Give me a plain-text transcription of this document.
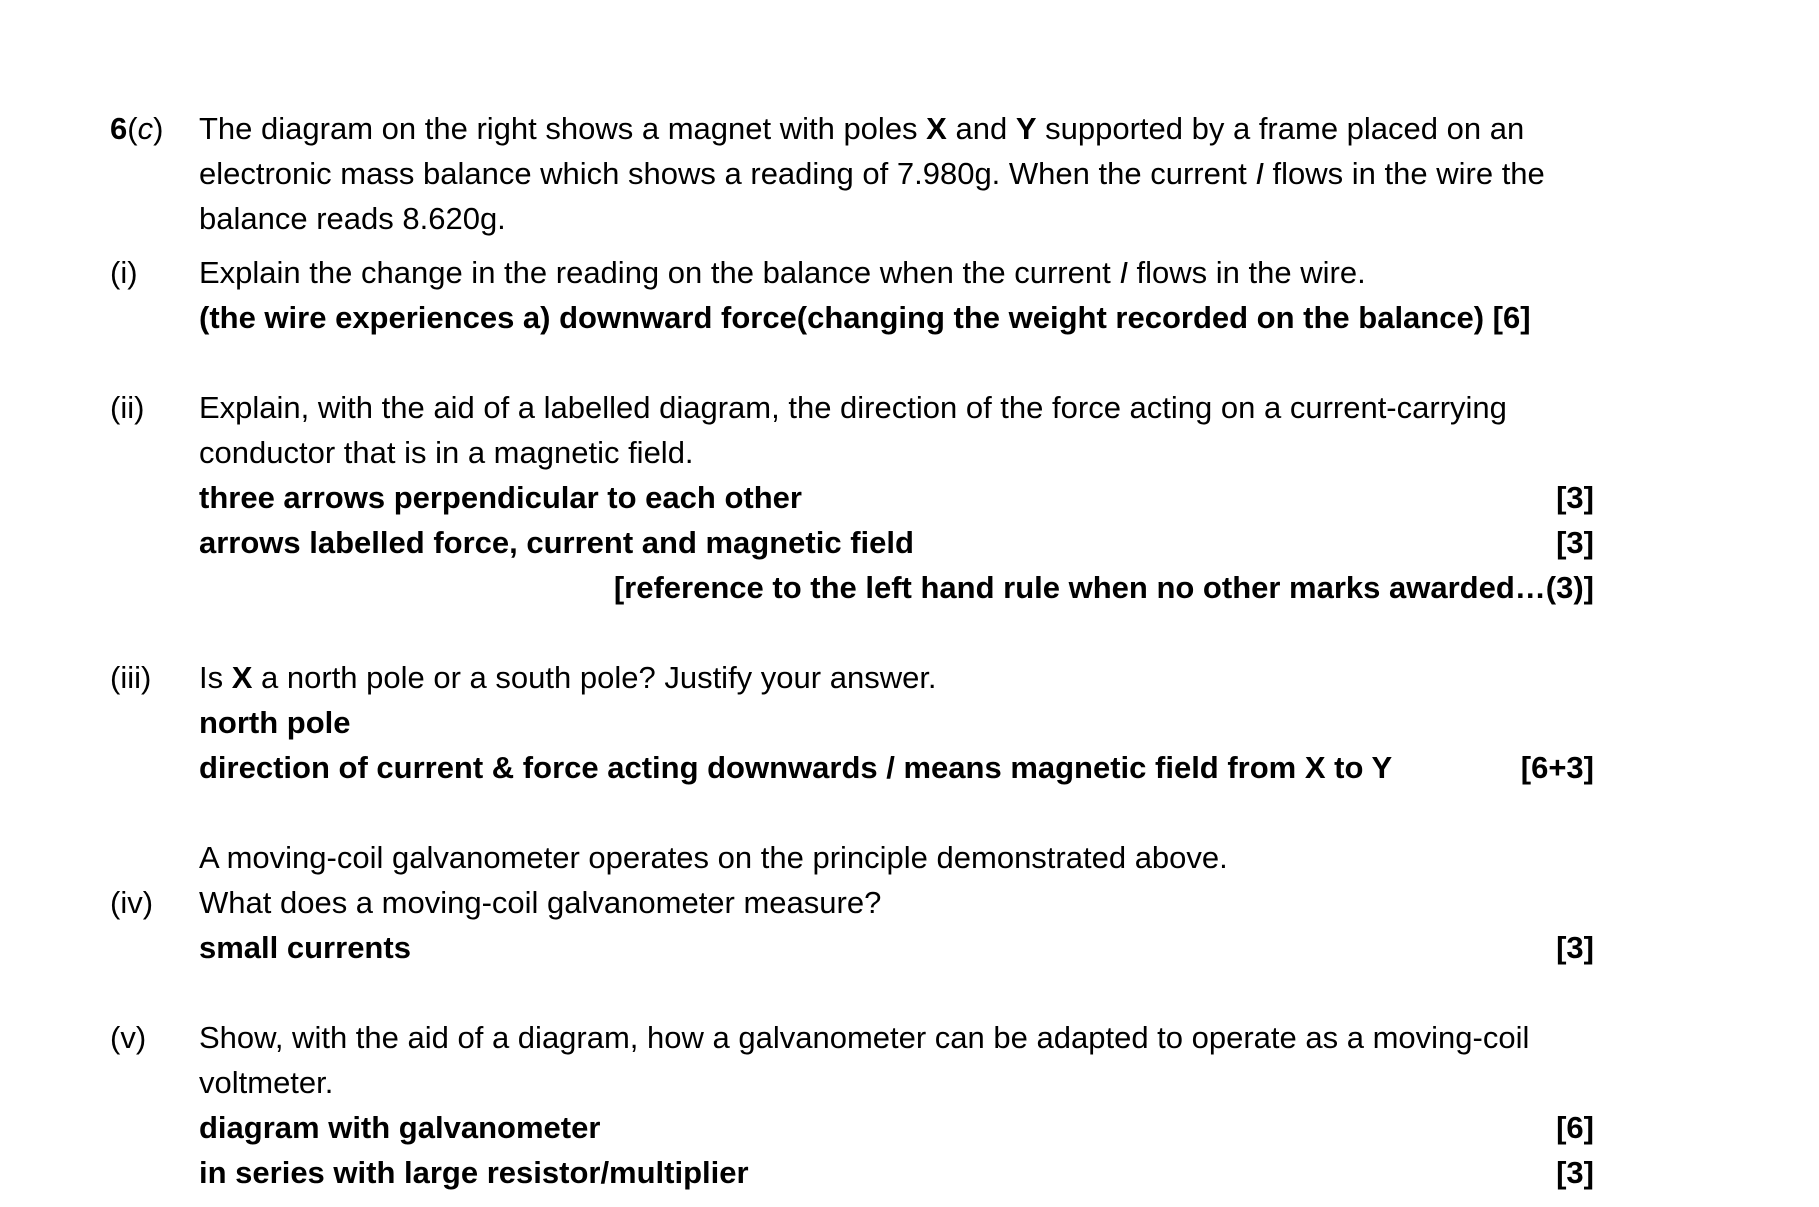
6(c) The diagram on the right shows a magnet with poles X and Y supported by a frame placed on an
electronic mass balance which shows a reading of 7.980g. When the current I flows in the wire the
balance reads 8.620g.
(i) Explain the change in the reading on the balance when the current I flows in the wire.
(the wire experiences a) downward force(changing the weight recorded on the balance) [6]
(ii) Explain, with the aid of a labelled diagram, the direction of the force acting on a current-carrying
conductor that is in a magnetic field.
three arrows perpendicular to each other	[3]
arrows labelled force, current and magnetic field	[3]
[reference to the left hand rule when no other marks awarded…(3)]
(iii) Is X a north pole or a south pole? Justify your answer.
north pole
direction of current & force acting downwards / means magnetic field from X to Y	[6+3]
A moving-coil galvanometer operates on the principle demonstrated above.
(iv) What does a moving-coil galvanometer measure?
small currents	[3]
(v) Show, with the aid of a diagram, how a galvanometer can be adapted to operate as a moving-coil
voltmeter.
diagram with galvanometer	[6]
in series with large resistor/multiplier	[3]
